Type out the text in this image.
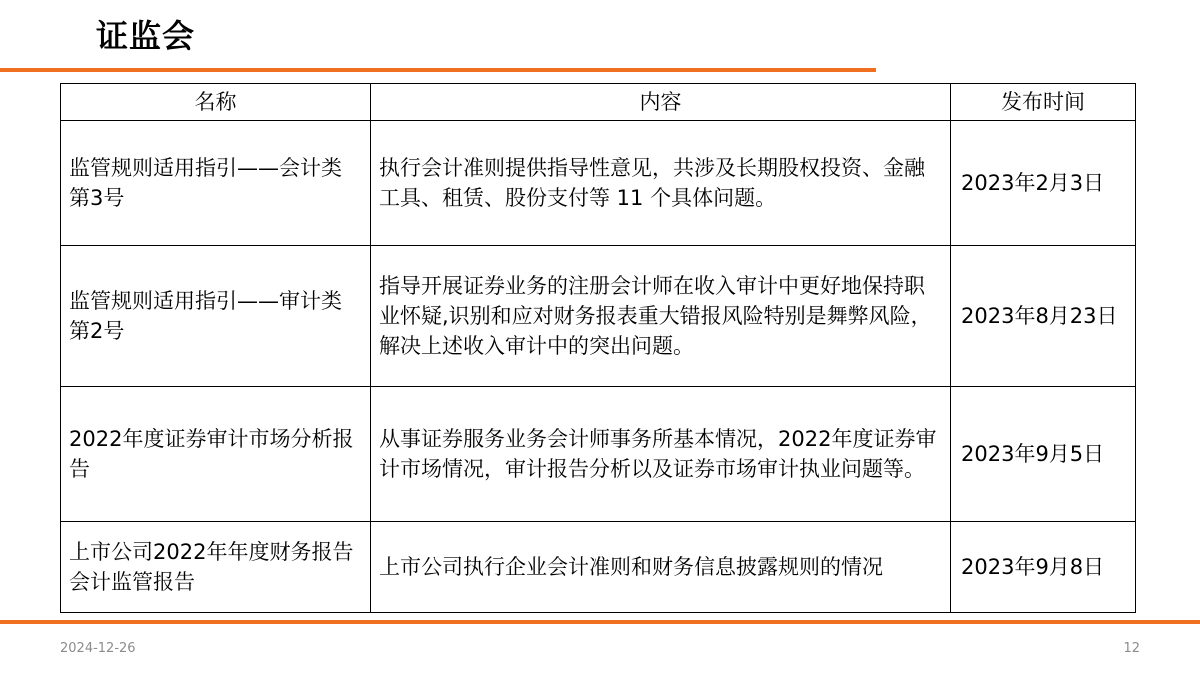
证监会
名称	内容	发布时间
监管规则适用指引——会计类第3号	执行会计准则提供指导性意见，共涉及长期股权投资、金融工具、租赁、股份支付等 11 个具体问题。	2023年2月3日
监管规则适用指引——审计类第2号	指导开展证券业务的注册会计师在收入审计中更好地保持职业怀疑,识别和应对财务报表重大错报风险特别是舞弊风险，解决上述收入审计中的突出问题。	2023年8月23日
2022年度证券审计市场分析报告	从事证券服务业务会计师事务所基本情况，2022年度证券审计市场情况，审计报告分析以及证券市场审计执业问题等。	2023年9月5日
上市公司2022年年度财务报告会计监管报告	上市公司执行企业会计准则和财务信息披露规则的情况	2023年9月8日
2024-12-26	12
